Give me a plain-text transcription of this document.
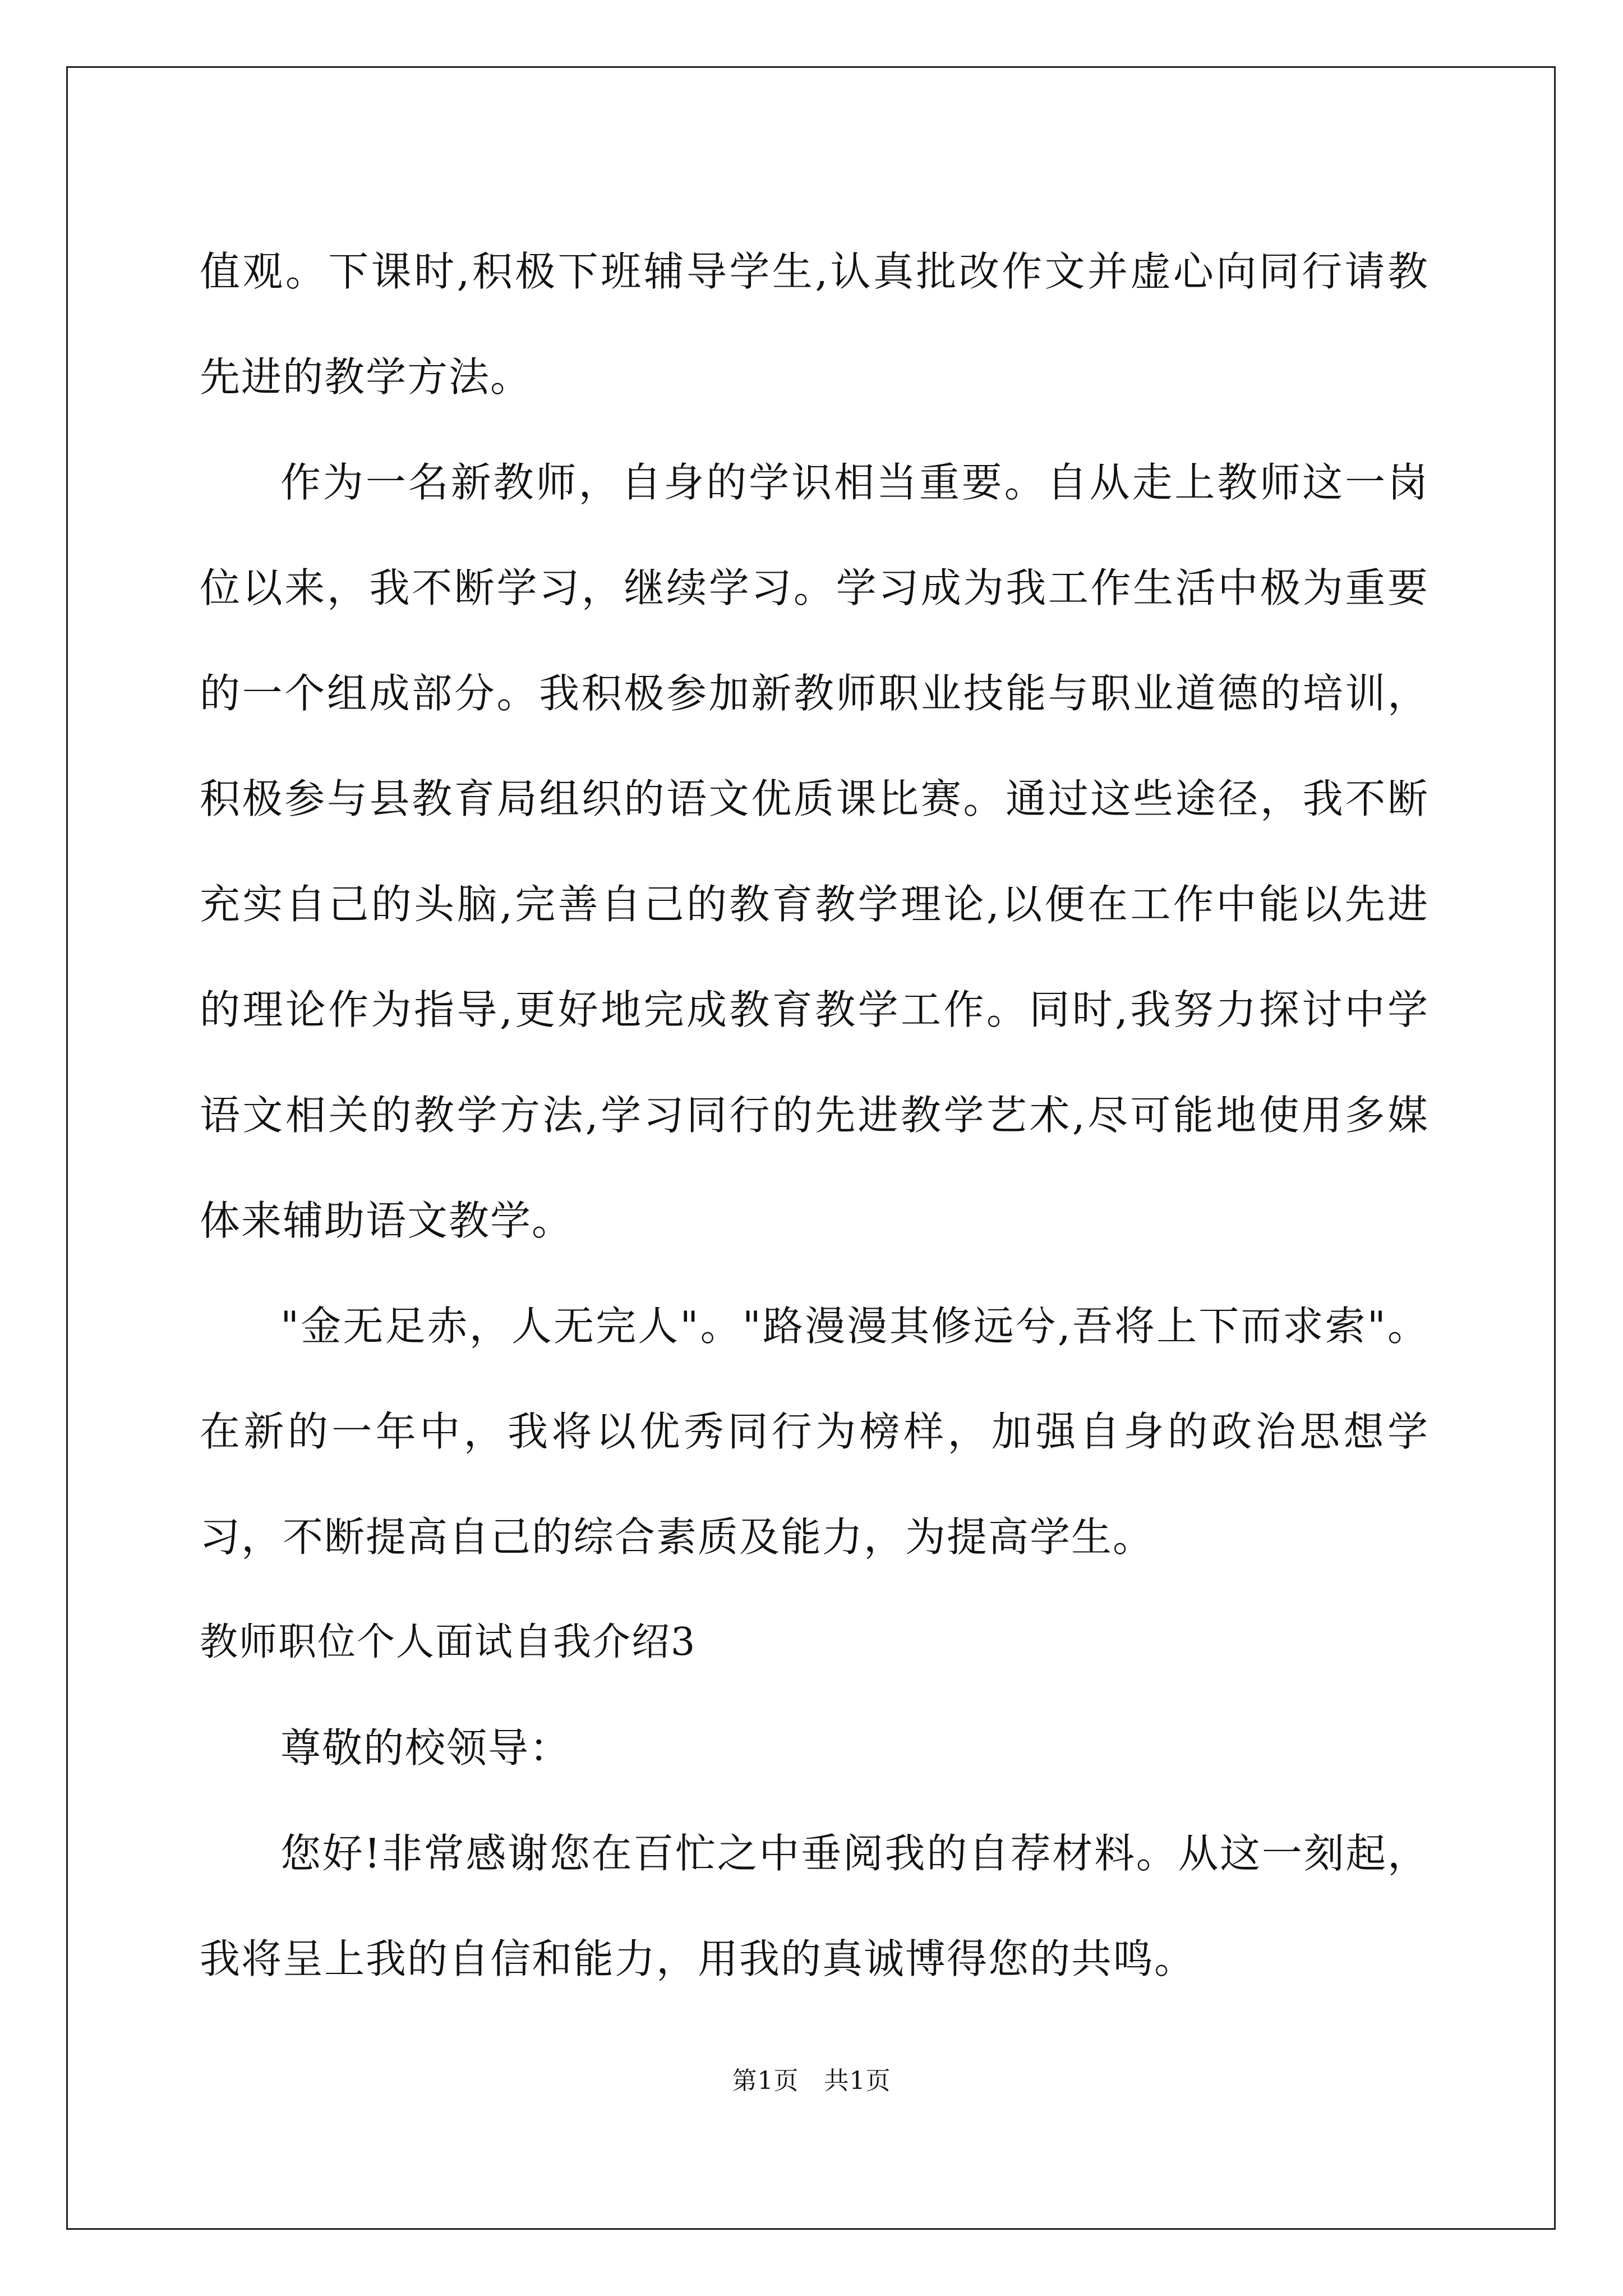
值观。下课时,积极下班辅导学生,认真批改作文并虚心向同行请教先进的教学方法。

作为一名新教师，自身的学识相当重要。自从走上教师这一岗位以来，我不断学习，继续学习。学习成为我工作生活中极为重要的一个组成部分。我积极参加新教师职业技能与职业道德的培训，积极参与县教育局组织的语文优质课比赛。通过这些途径，我不断充实自己的头脑,完善自己的教育教学理论,以便在工作中能以先进的理论作为指导,更好地完成教育教学工作。同时,我努力探讨中学语文相关的教学方法,学习同行的先进教学艺术,尽可能地使用多媒体来辅助语文教学。

"金无足赤，人无完人"。"路漫漫其修远兮,吾将上下而求索"。在新的一年中，我将以优秀同行为榜样，加强自身的政治思想学习，不断提高自己的综合素质及能力，为提高学生。

教师职位个人面试自我介绍3

尊敬的校领导：

您好!非常感谢您在百忙之中垂阅我的自荐材料。从这一刻起，我将呈上我的自信和能力，用我的真诚博得您的共鸣。

第1页　共1页
